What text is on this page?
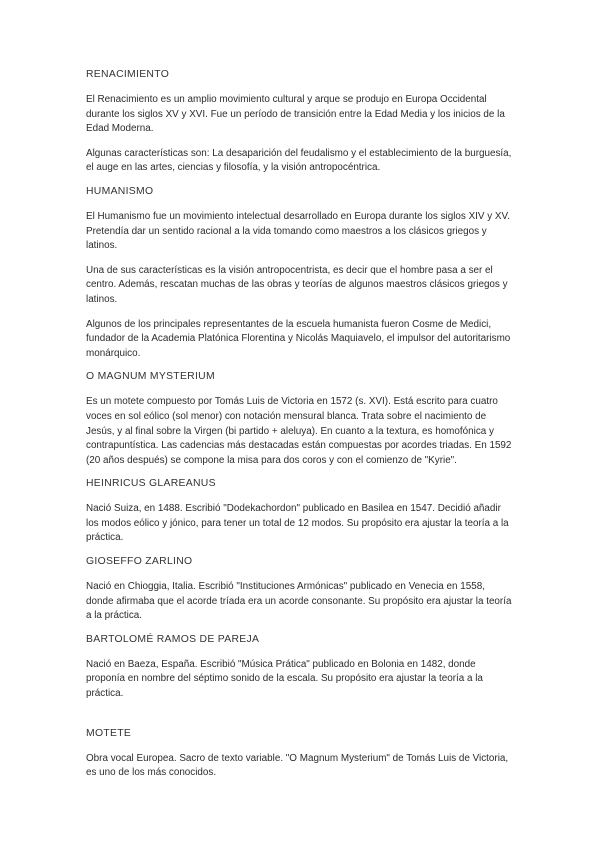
RENACIMIENTO

El Renacimiento es un amplio movimiento cultural y arque se produjo en Europa Occidental durante los siglos XV y XVI. Fue un período de transición entre la Edad Media y los inicios de la Edad Moderna.

Algunas características son: La desaparición del feudalismo y el establecimiento de la burguesía, el auge en las artes, ciencias y filosofía, y la visión antropocéntrica.

HUMANISMO

El Humanismo fue un movimiento intelectual desarrollado en Europa durante los siglos XIV y XV. Pretendía dar un sentido racional a la vida tomando como maestros a los clásicos griegos y latinos.

Una de sus características es la visión antropocentrista, es decir que el hombre pasa a ser el centro. Además, rescatan muchas de las obras y teorías de algunos maestros clásicos griegos y latinos.

Algunos de los principales representantes de la escuela humanista fueron Cosme de Medici, fundador de la Academia Platónica Florentina y Nicolás Maquiavelo, el impulsor del autoritarismo monárquico.

O MAGNUM MYSTERIUM

Es un motete compuesto por Tomás Luis de Victoria en 1572 (s. XVI). Está escrito para cuatro voces en sol eólico (sol menor) con notación mensural blanca. Trata sobre el nacimiento de Jesús, y al final sobre la Virgen (bi partido + aleluya). En cuanto a la textura, es homofónica y contrapuntística. Las cadencias más destacadas están compuestas por acordes triadas. En 1592 (20 años después) se compone la misa para dos coros y con el comienzo de "Kyrie".

HEINRICUS GLAREANUS

Nació Suiza, en 1488. Escribió "Dodekachordon" publicado en Basilea en 1547. Decidió añadir los modos eólico y jónico, para tener un total de 12 modos. Su propósito era ajustar la teoría a la práctica.

GIOSEFFO ZARLINO

Nació en Chioggia, Italia. Escribió "Instituciones Armónicas" publicado en Venecia en 1558, donde afirmaba que el acorde tríada era un acorde consonante. Su propósito era ajustar la teoría a la práctica.

BARTOLOMÉ RAMOS DE PAREJA

Nació en Baeza, España. Escribió "Música Prática" publicado en Bolonia en 1482, donde proponía en nombre del séptimo sonido de la escala. Su propósito era ajustar la teoría a la práctica.

MOTETE

Obra vocal Europea. Sacro de texto variable. "O Magnum Mysterium" de Tomás Luis de Victoria, es uno de los más conocidos.
